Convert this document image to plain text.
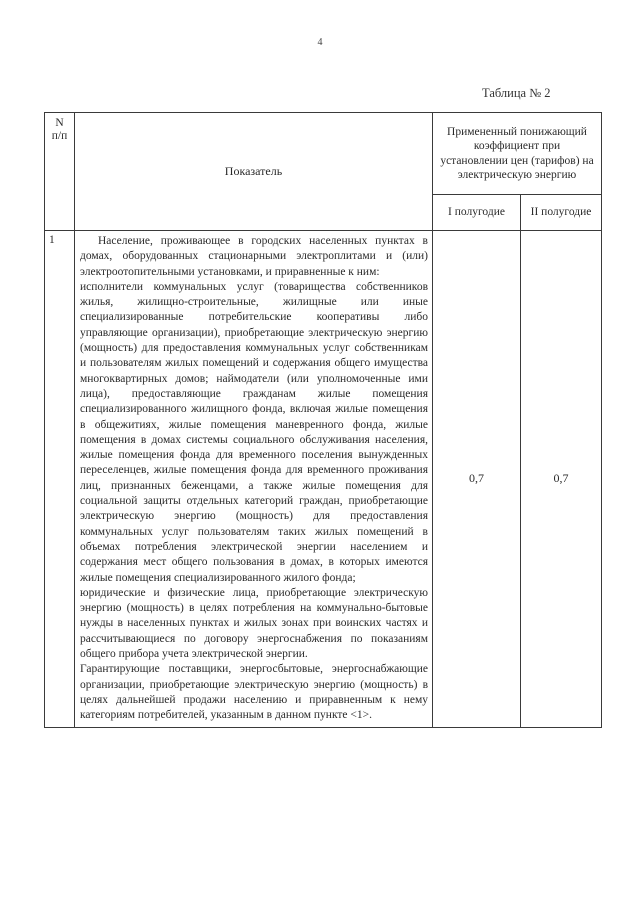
4
Таблица № 2
N
п/п	Показатель	Примененный понижающий коэффициент при установлении цен (тарифов) на электрическую энергию	
		I полугодие	II полугодие
1	Население, проживающее в городских населенных пунктах в домах, оборудованных стационарными электроплитами и (или) электроотопительными установками, и приравненные к ним:

исполнители коммунальных услуг (товарищества собственников жилья, жилищно-строительные, жилищные или иные специализированные потребительские кооперативы либо управляющие организации), приобретающие электрическую энергию (мощность) для предоставления коммунальных услуг собственникам и пользователям жилых помещений и содержания общего имущества многоквартирных домов; наймодатели (или уполномоченные ими лица), предоставляющие гражданам жилые помещения специализированного жилищного фонда, включая жилые помещения в общежитиях, жилые помещения маневренного фонда, жилые помещения в домах системы социального обслуживания населения, жилые помещения фонда для временного поселения вынужденных переселенцев, жилые помещения фонда для временного проживания лиц, признанных беженцами, а также жилые помещения для социальной защиты отдельных категорий граждан, приобретающие электрическую энергию (мощность) для предоставления коммунальных услуг пользователям таких жилых помещений в объемах потребления электрической энергии населением и содержания мест общего пользования в домах, в которых имеются жилые помещения специализированного жилого фонда;

юридические и физические лица, приобретающие электрическую энергию (мощность) в целях потребления на коммунально-бытовые нужды в населенных пунктах и жилых зонах при воинских частях и рассчитывающиеся по договору энергоснабжения по показаниям общего прибора учета электрической энергии.

Гарантирующие поставщики, энергосбытовые, энергоснабжающие организации, приобретающие электрическую энергию (мощность) в целях дальнейшей продажи населению и приравненным к нему категориям потребителей, указанным в данном пункте <1>.	0,7	0,7
